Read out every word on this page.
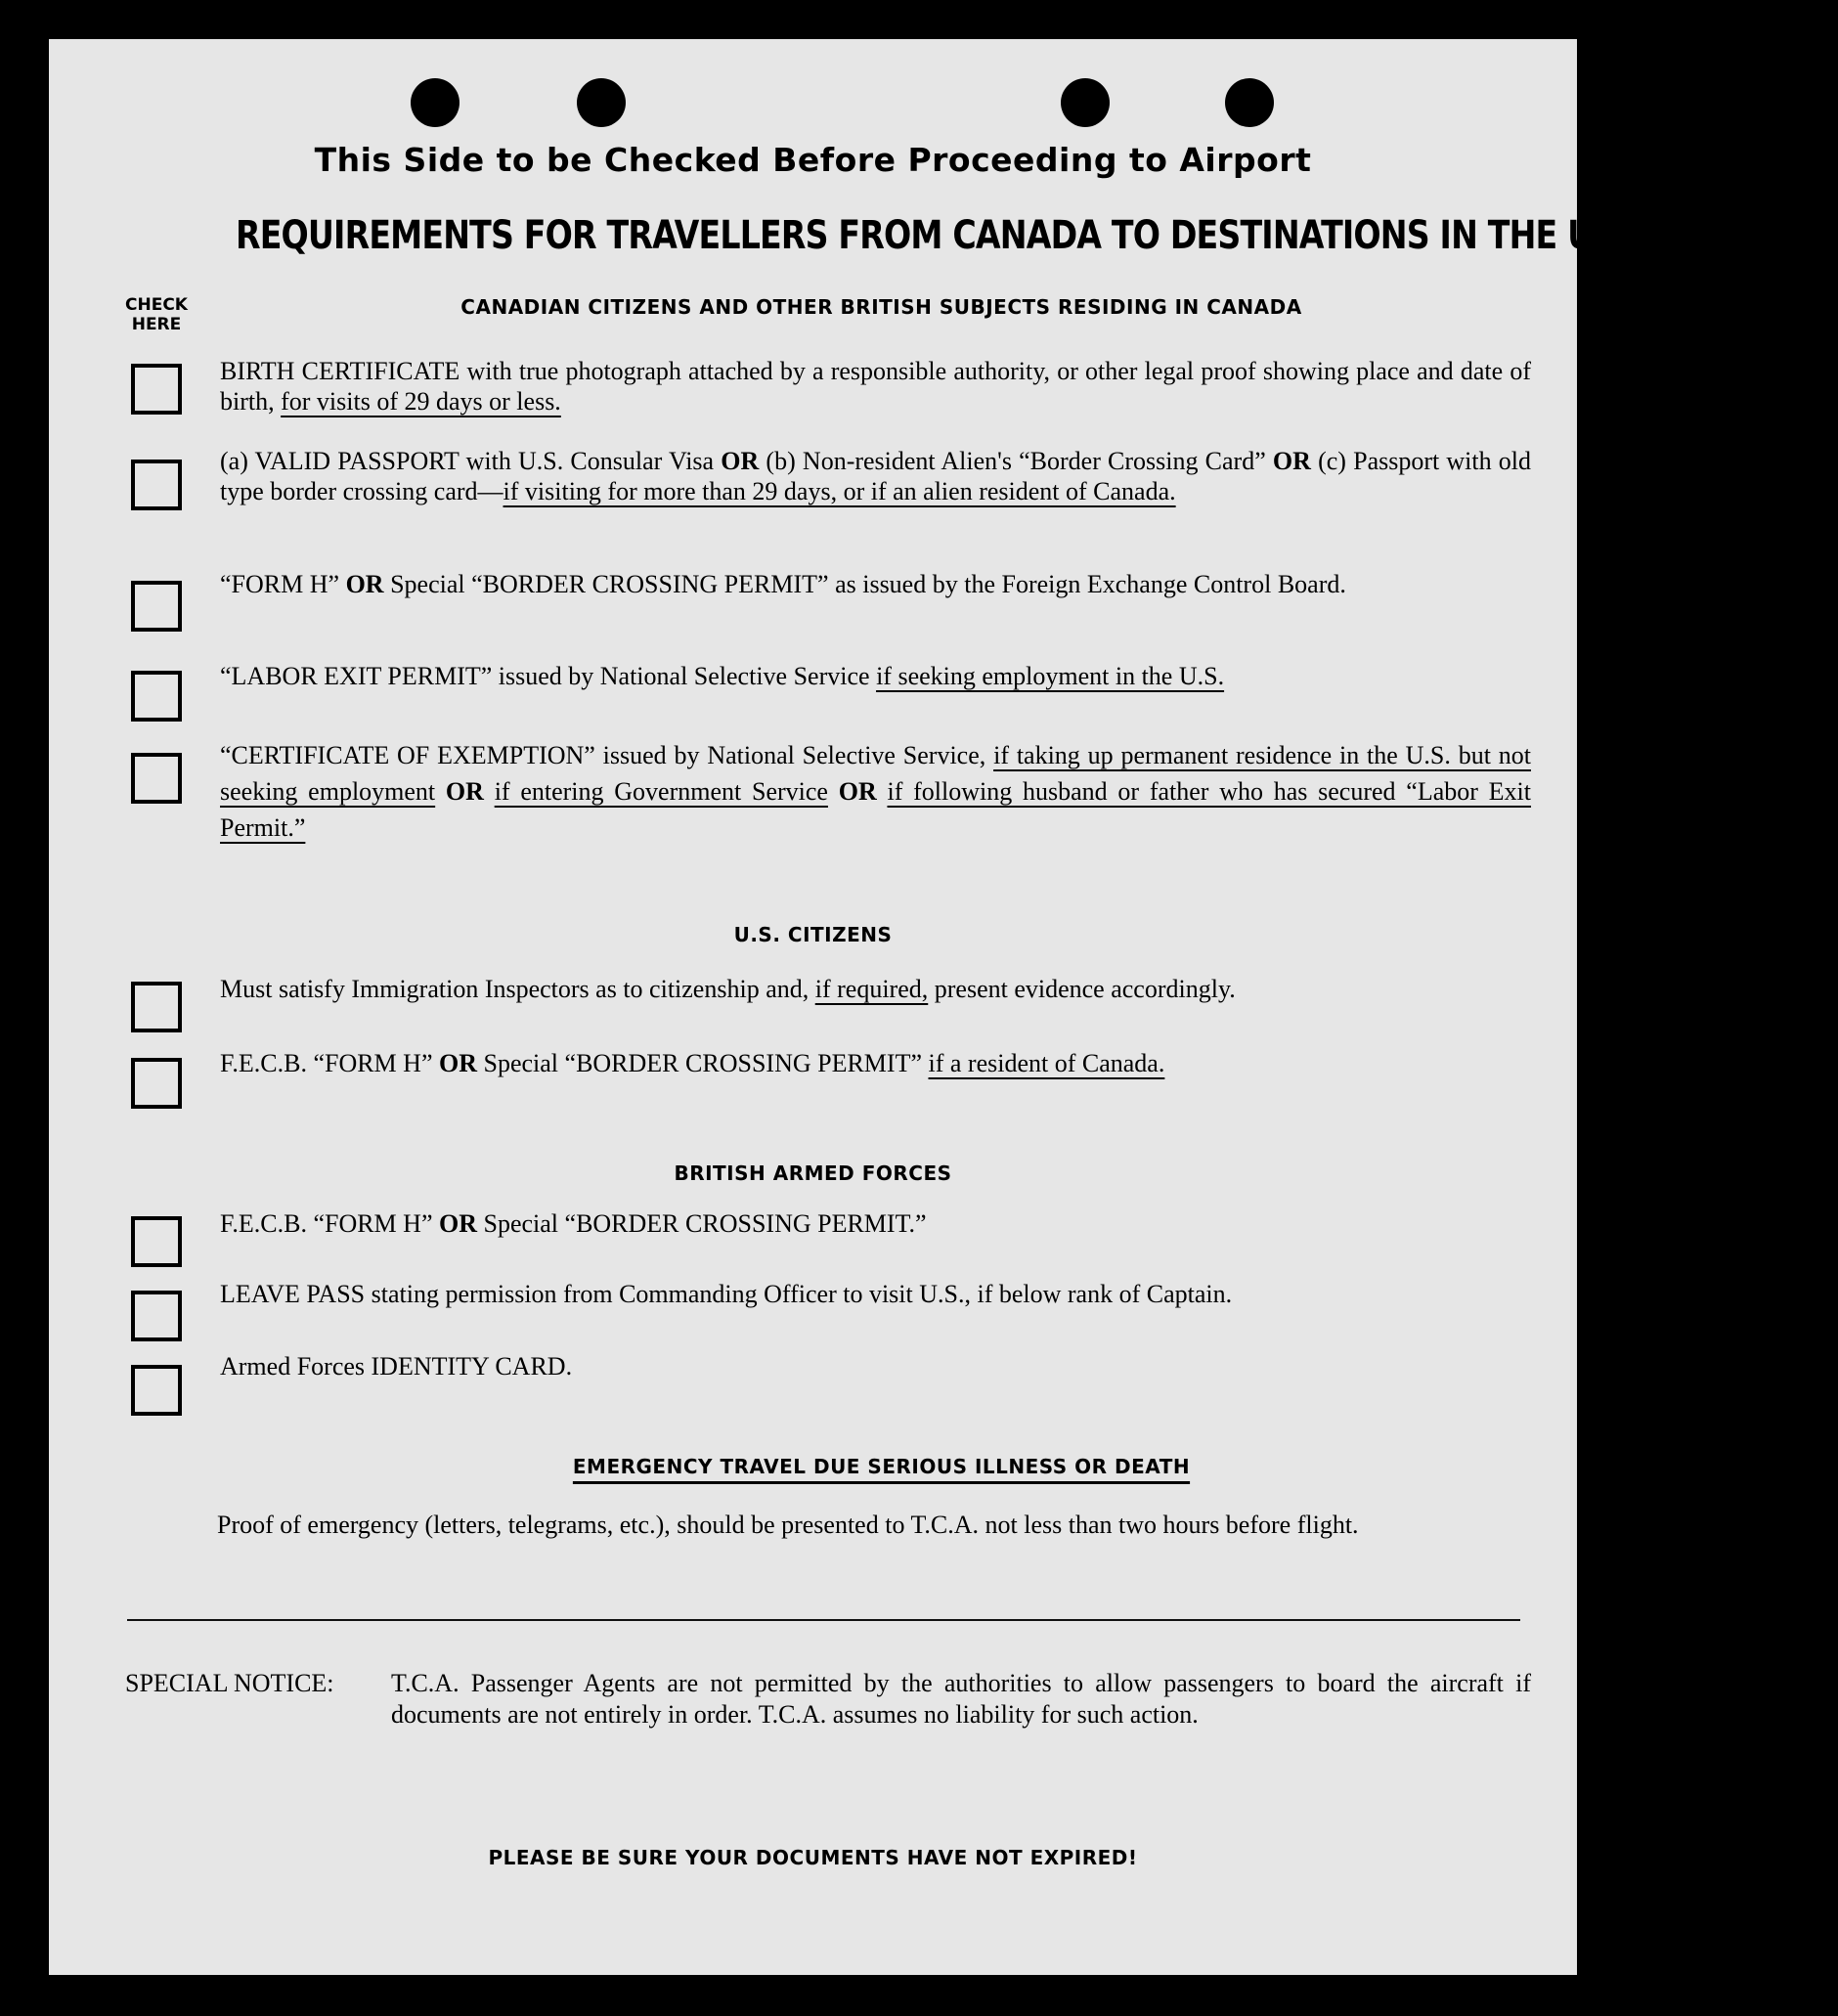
This Side to be Checked Before Proceeding to Airport
REQUIREMENTS FOR TRAVELLERS FROM CANADA TO DESTINATIONS IN THE UNITED STATES
CHECK
HERE
CANADIAN CITIZENS AND OTHER BRITISH SUBJECTS RESIDING IN CANADA
BIRTH CERTIFICATE with true photograph attached by a responsible authority, or other legal proof showing place and date of birth, for visits of 29 days or less.
(a) VALID PASSPORT with U.S. Consular Visa OR (b) Non-resident Alien's “Border Crossing Card” OR (c) Passport with old type border crossing card—if visiting for more than 29 days, or if an alien resident of Canada.
“FORM H” OR Special “BORDER CROSSING PERMIT” as issued by the Foreign Exchange Control Board.
“LABOR EXIT PERMIT” issued by National Selective Service if seeking employment in the U.S.
“CERTIFICATE OF EXEMPTION” issued by National Selective Service, if taking up permanent residence in the U.S. but not seeking employment OR if entering Government Service OR if following husband or father who has secured “Labor Exit Permit.”
U.S. CITIZENS
Must satisfy Immigration Inspectors as to citizenship and, if required, present evidence accordingly.
F.E.C.B. “FORM H” OR Special “BORDER CROSSING PERMIT” if a resident of Canada.
BRITISH ARMED FORCES
F.E.C.B. “FORM H” OR Special “BORDER CROSSING PERMIT.”
LEAVE PASS stating permission from Commanding Officer to visit U.S., if below rank of Captain.
Armed Forces IDENTITY CARD.
EMERGENCY TRAVEL DUE SERIOUS ILLNESS OR DEATH
Proof of emergency (letters, telegrams, etc.), should be presented to T.C.A. not less than two hours before flight.
SPECIAL NOTICE:	T.C.A. Passenger Agents are not permitted by the authorities to allow passengers to board the aircraft if documents are not entirely in order. T.C.A. assumes no liability for such action.
PLEASE BE SURE YOUR DOCUMENTS HAVE NOT EXPIRED!
